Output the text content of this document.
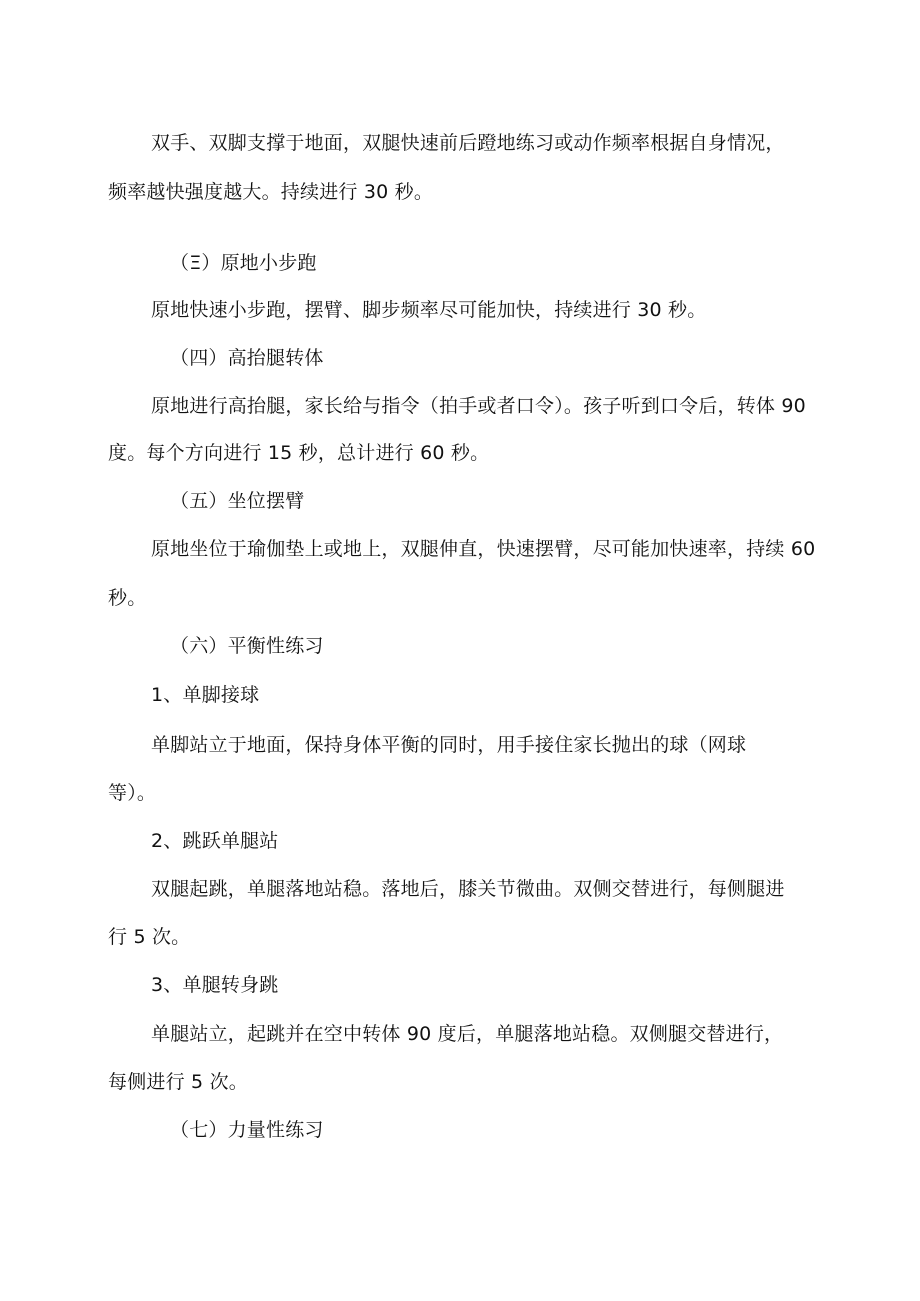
双手、双脚支撑于地面，双腿快速前后蹬地练习或动作频率根据自身情况，
频率越快强度越大。持续进行 30 秒。
（Ξ）原地小步跑
原地快速小步跑，摆臂、脚步频率尽可能加快，持续进行 30 秒。
（四）高抬腿转体
原地进行高抬腿，家长给与指令（拍手或者口令）。孩子听到口令后，转体 90
度。每个方向进行 15 秒，总计进行 60 秒。
（五）坐位摆臂
原地坐位于瑜伽垫上或地上，双腿伸直，快速摆臂，尽可能加快速率，持续 60
秒。
（六）平衡性练习
1、单脚接球
单脚站立于地面，保持身体平衡的同时，用手接住家长抛出的球（网球
等）。
2、跳跃单腿站
双腿起跳，单腿落地站稳。落地后，膝关节微曲。双侧交替进行，每侧腿进
行 5 次。
3、单腿转身跳
单腿站立，起跳并在空中转体 90 度后，单腿落地站稳。双侧腿交替进行，
每侧进行 5 次。
（七）力量性练习
